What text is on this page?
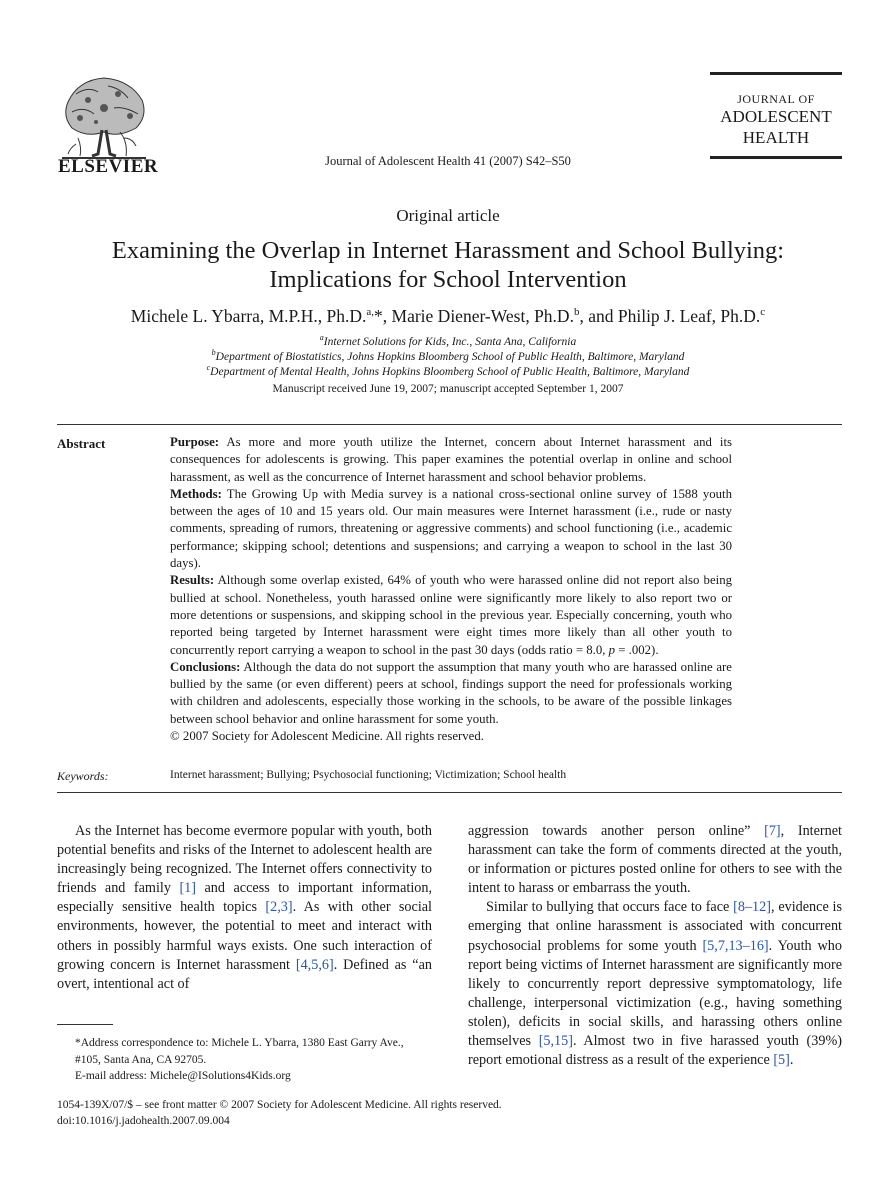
ELSEVIER	Journal of Adolescent Health 41 (2007) S42–S50
JOURNAL OF
ADOLESCENT
HEALTH
Original article
Examining the Overlap in Internet Harassment and School Bullying:
Implications for School Intervention
Michele L. Ybarra, M.P.H., Ph.D.$^{a,}$*, Marie Diener-West, Ph.D.$^b$, and Philip J. Leaf, Ph.D.$^c$
$^a$Internet Solutions for Kids, Inc., Santa Ana, California
$^b$Department of Biostatistics, Johns Hopkins Bloomberg School of Public Health, Baltimore, Maryland
$^c$Department of Mental Health, Johns Hopkins Bloomberg School of Public Health, Baltimore, Maryland
Manuscript received June 19, 2007; manuscript accepted September 1, 2007
Abstract	Purpose: As more and more youth utilize the Internet, concern about Internet harassment and its consequences for adolescents is growing. This paper examines the potential overlap in online and school harassment, as well as the concurrence of Internet harassment and school behavior problems.

Methods: The Growing Up with Media survey is a national cross-sectional online survey of 1588 youth between the ages of 10 and 15 years old. Our main measures were Internet harassment (i.e., rude or nasty comments, spreading of rumors, threatening or aggressive comments) and school functioning (i.e., academic performance; skipping school; detentions and suspensions; and carrying a weapon to school in the last 30 days).

Results: Although some overlap existed, 64% of youth who were harassed online did not report also being bullied at school. Nonetheless, youth harassed online were significantly more likely to also report two or more detentions or suspensions, and skipping school in the previous year. Especially concerning, youth who reported being targeted by Internet harassment were eight times more likely than all other youth to concurrently report carrying a weapon to school in the past 30 days (odds ratio = 8.0, p = .002).

Conclusions: Although the data do not support the assumption that many youth who are harassed online are bullied by the same (or even different) peers at school, findings support the need for professionals working with children and adolescents, especially those working in the schools, to be aware of the possible linkages between school behavior and online harassment for some youth.

© 2007 Society for Adolescent Medicine. All rights reserved.

Keywords:	Internet harassment; Bullying; Psychosocial functioning; Victimization; School health

As the Internet has become evermore popular with youth, both potential benefits and risks of the Internet to adolescent health are increasingly being recognized. The Internet offers connectivity to friends and family [1] and access to important information, especially sensitive health topics [2,3]. As with other social environments, however, the potential to meet and interact with others in possibly harmful ways exists. One such interaction of growing concern is Internet harassment [4,5,6]. Defined as “an overt, intentional act of

aggression towards another person online” [7], Internet harassment can take the form of comments directed at the youth, or information or pictures posted online for others to see with the intent to harass or embarrass the youth.

Similar to bullying that occurs face to face [8–12], evidence is emerging that online harassment is associated with concurrent psychosocial problems for some youth [5,7,13–16]. Youth who report being victims of Internet harassment are significantly more likely to concurrently report depressive symptomatology, life challenge, interpersonal victimization (e.g., having something stolen), deficits in social skills, and harassing others online themselves [5,15]. Almost two in five harassed youth (39%) report emotional distress as a result of the experience [5].

*Address correspondence to: Michele L. Ybarra, 1380 East Garry Ave., #105, Santa Ana, CA 92705.

E-mail address: Michele@ISolutions4Kids.org

1054-139X/07/$ – see front matter © 2007 Society for Adolescent Medicine. All rights reserved.

doi:10.1016/j.jadohealth.2007.09.004
